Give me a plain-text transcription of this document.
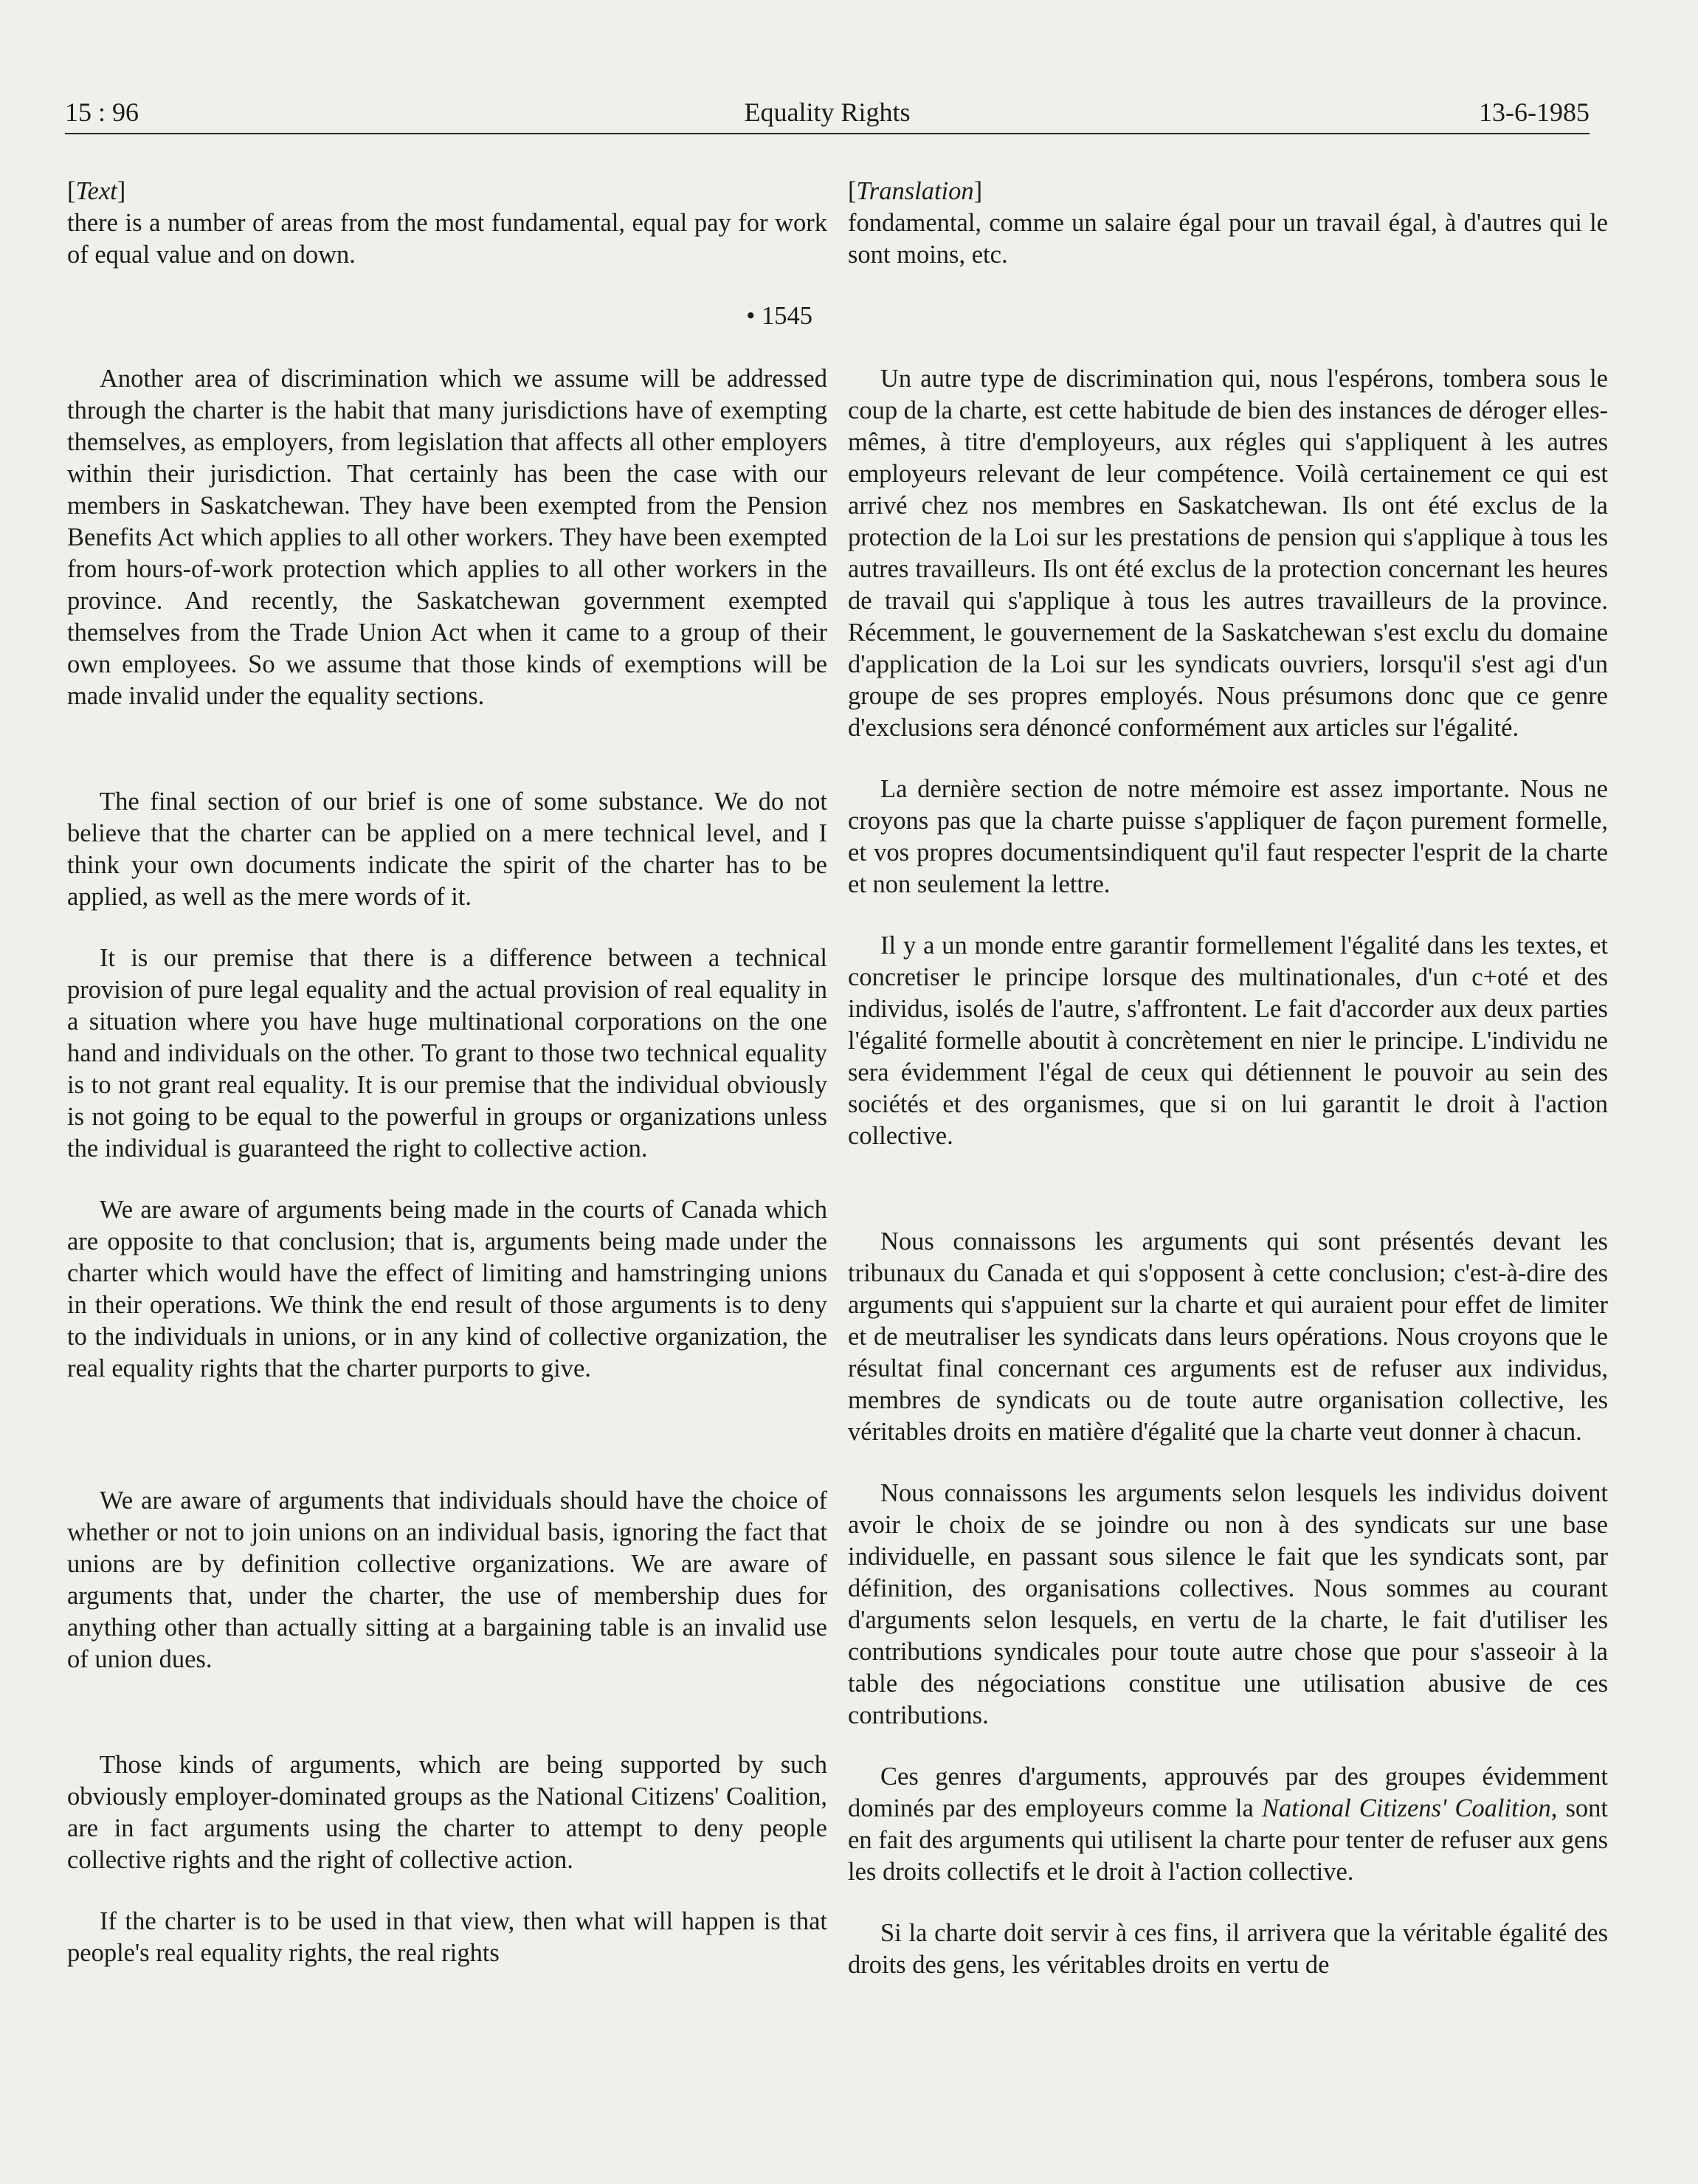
15 : 96	Equality Rights	13-6-1985
[Text]

there is a number of areas from the most fundamental, equal pay for work of equal value and on down.

• 1545

Another area of discrimination which we assume will be addressed through the charter is the habit that many jurisdictions have of exempting themselves, as employers, from legislation that affects all other employers within their jurisdiction. That certainly has been the case with our members in Saskatchewan. They have been exempted from the Pension Benefits Act which applies to all other workers. They have been exempted from hours-of-work protection which applies to all other workers in the province. And recently, the Saskatchewan government exempted themselves from the Trade Union Act when it came to a group of their own employees. So we assume that those kinds of exemptions will be made invalid under the equality sections.

The final section of our brief is one of some substance. We do not believe that the charter can be applied on a mere technical level, and I think your own documents indicate the spirit of the charter has to be applied, as well as the mere words of it.

It is our premise that there is a difference between a technical provision of pure legal equality and the actual provision of real equality in a situation where you have huge multinational corporations on the one hand and individuals on the other. To grant to those two technical equality is to not grant real equality. It is our premise that the individual obviously is not going to be equal to the powerful in groups or organizations unless the individual is guaranteed the right to collective action.

We are aware of arguments being made in the courts of Canada which are opposite to that conclusion; that is, arguments being made under the charter which would have the effect of limiting and hamstringing unions in their operations. We think the end result of those arguments is to deny to the individuals in unions, or in any kind of collective organization, the real equality rights that the charter purports to give.

We are aware of arguments that individuals should have the choice of whether or not to join unions on an individual basis, ignoring the fact that unions are by definition collective organizations. We are aware of arguments that, under the charter, the use of membership dues for anything other than actually sitting at a bargaining table is an invalid use of union dues.

Those kinds of arguments, which are being supported by such obviously employer-dominated groups as the National Citizens' Coalition, are in fact arguments using the charter to attempt to deny people collective rights and the right of collective action.

If the charter is to be used in that view, then what will happen is that people's real equality rights, the real rights

[Translation]

fondamental, comme un salaire égal pour un travail égal, à d'autres qui le sont moins, etc.

Un autre type de discrimination qui, nous l'espérons, tombera sous le coup de la charte, est cette habitude de bien des instances de déroger elles-mêmes, à titre d'employeurs, aux régles qui s'appliquent à les autres employeurs relevant de leur compétence. Voilà certainement ce qui est arrivé chez nos membres en Saskatchewan. Ils ont été exclus de la protection de la Loi sur les prestations de pension qui s'applique à tous les autres travailleurs. Ils ont été exclus de la protection concernant les heures de travail qui s'applique à tous les autres travailleurs de la province. Récemment, le gouvernement de la Saskatchewan s'est exclu du domaine d'application de la Loi sur les syndicats ouvriers, lorsqu'il s'est agi d'un groupe de ses propres employés. Nous présumons donc que ce genre d'exclusions sera dénoncé conformément aux articles sur l'égalité.

La dernière section de notre mémoire est assez importante. Nous ne croyons pas que la charte puisse s'appliquer de façon purement formelle, et vos propres documentsindiquent qu'il faut respecter l'esprit de la charte et non seulement la lettre.

Il y a un monde entre garantir formellement l'égalité dans les textes, et concretiser le principe lorsque des multinationales, d'un c+oté et des individus, isolés de l'autre, s'affrontent. Le fait d'accorder aux deux parties l'égalité formelle aboutit à concrètement en nier le principe. L'individu ne sera évidemment l'égal de ceux qui détiennent le pouvoir au sein des sociétés et des organismes, que si on lui garantit le droit à l'action collective.

Nous connaissons les arguments qui sont présentés devant les tribunaux du Canada et qui s'opposent à cette conclusion; c'est-à-dire des arguments qui s'appuient sur la charte et qui auraient pour effet de limiter et de meutraliser les syndicats dans leurs opérations. Nous croyons que le résultat final concernant ces arguments est de refuser aux individus, membres de syndicats ou de toute autre organisation collective, les véritables droits en matière d'égalité que la charte veut donner à chacun.

Nous connaissons les arguments selon lesquels les individus doivent avoir le choix de se joindre ou non à des syndicats sur une base individuelle, en passant sous silence le fait que les syndicats sont, par définition, des organisations collectives. Nous sommes au courant d'arguments selon lesquels, en vertu de la charte, le fait d'utiliser les contributions syndicales pour toute autre chose que pour s'asseoir à la table des négociations constitue une utilisation abusive de ces contributions.

Ces genres d'arguments, approuvés par des groupes évidemment dominés par des employeurs comme la National Citizens' Coalition, sont en fait des arguments qui utilisent la charte pour tenter de refuser aux gens les droits collectifs et le droit à l'action collective.

Si la charte doit servir à ces fins, il arrivera que la véritable égalité des droits des gens, les véritables droits en vertu de
